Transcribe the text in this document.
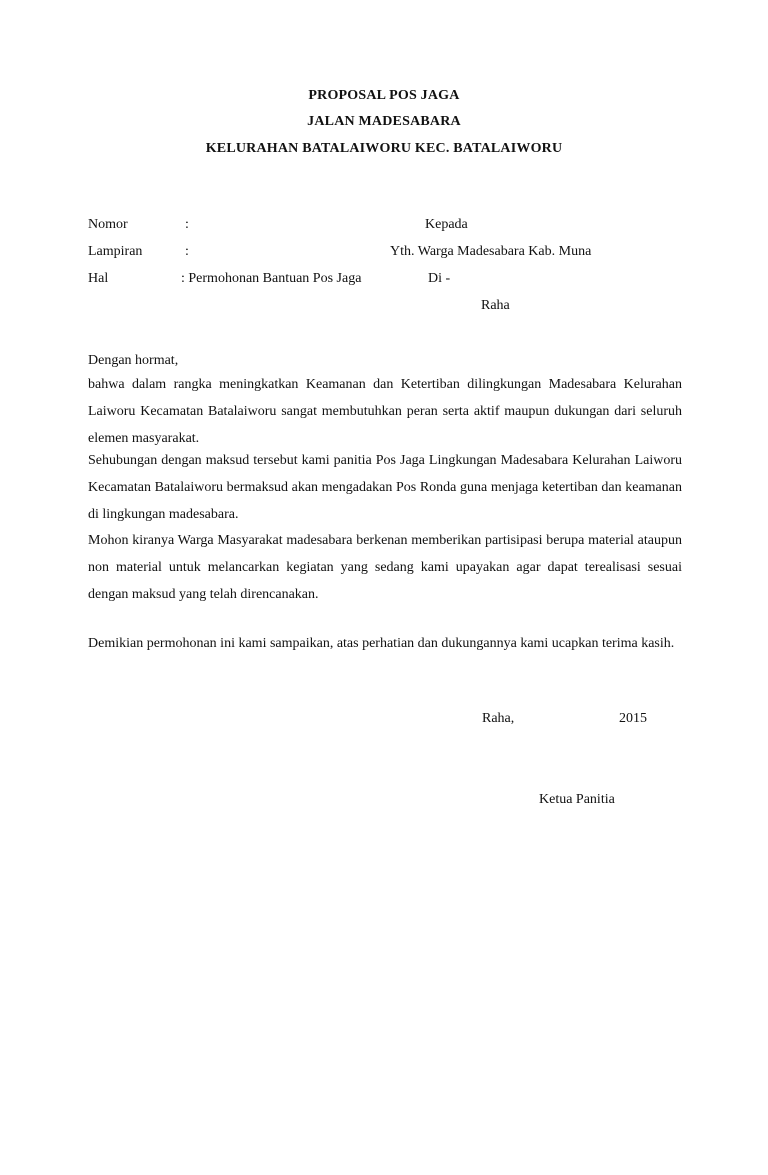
PROPOSAL POS JAGA
JALAN MADESABARA
KELURAHAN BATALAIWORU KEC. BATALAIWORU
Nomor	:	Kepada
Lampiran	:	Yth. Warga Madesabara Kab. Muna
Hal	: Permohonan Bantuan Pos Jaga	Di -
Raha
Dengan hormat,
bahwa dalam rangka meningkatkan Keamanan dan Ketertiban dilingkungan Madesabara Kelurahan Laiworu Kecamatan Batalaiworu sangat membutuhkan peran serta aktif maupun dukungan dari seluruh elemen masyarakat.
Sehubungan dengan maksud tersebut kami panitia Pos Jaga Lingkungan Madesabara Kelurahan Laiworu Kecamatan Batalaiworu bermaksud akan mengadakan Pos Ronda guna menjaga ketertiban dan keamanan di lingkungan madesabara.
Mohon kiranya Warga Masyarakat madesabara berkenan memberikan partisipasi berupa material ataupun non material untuk melancarkan kegiatan yang sedang kami upayakan agar dapat terealisasi sesuai dengan maksud yang telah direncanakan.
Demikian permohonan ini kami sampaikan, atas perhatian dan dukungannya kami ucapkan terima kasih.
Raha,	2015
Ketua Panitia
